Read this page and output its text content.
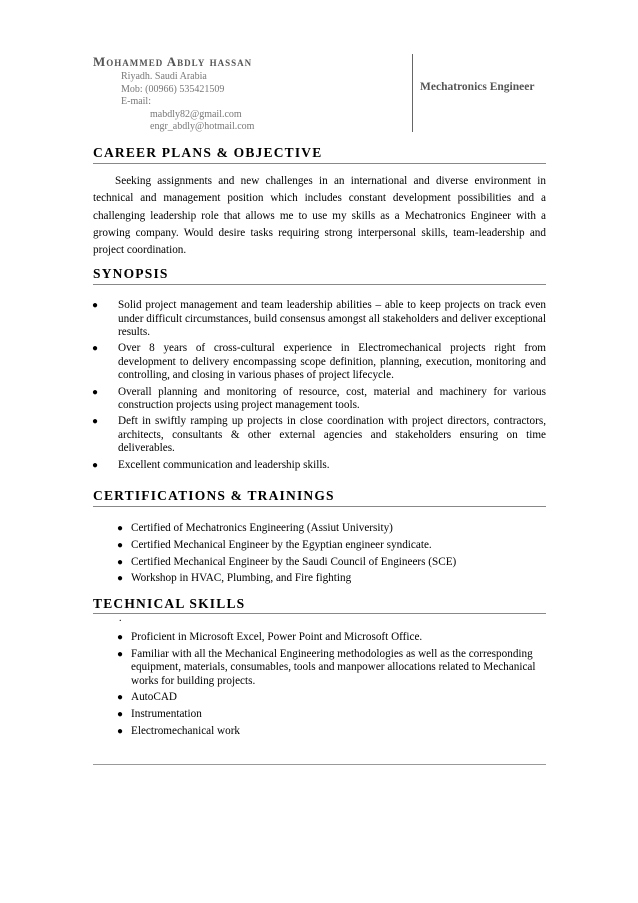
Mohammed Abdly hassan
Riyadh. Saudi Arabia
Mob: (00966) 535421509
E-mail:
mabdly82@gmail.com
engr_abdly@hotmail.com
Mechatronics Engineer
CAREER PLANS & OBJECTIVE
Seeking assignments and new challenges in an international and diverse environment in technical and management position which includes constant development possibilities and a challenging leadership role that allows me to use my skills as a Mechatronics Engineer with a growing company. Would desire tasks requiring strong interpersonal skills, team-leadership and project coordination.
SYNOPSIS
● Solid project management and team leadership abilities – able to keep projects on track even under difficult circumstances, build consensus amongst all stakeholders and deliver exceptional results.
● Over 8 years of cross-cultural experience in Electromechanical projects right from development to delivery encompassing scope definition, planning, execution, monitoring and controlling, and closing in various phases of project lifecycle.
● Overall planning and monitoring of resource, cost, material and machinery for various construction projects using project management tools.
● Deft in swiftly ramping up projects in close coordination with project directors, contractors, architects, consultants & other external agencies and stakeholders ensuring on time deliverables.
● Excellent communication and leadership skills.
CERTIFICATIONS & TRAININGS
● Certified of Mechatronics Engineering (Assiut University)
● Certified Mechanical Engineer by the Egyptian engineer syndicate.
● Certified Mechanical Engineer by the Saudi Council of Engineers (SCE)
● Workshop in HVAC, Plumbing, and Fire fighting
TECHNICAL SKILLS
.
● Proficient in Microsoft Excel, Power Point and Microsoft Office.
● Familiar with all the Mechanical Engineering methodologies as well as the corresponding equipment, materials, consumables, tools and manpower allocations related to Mechanical works for building projects.
● AutoCAD
● Instrumentation
● Electromechanical work
